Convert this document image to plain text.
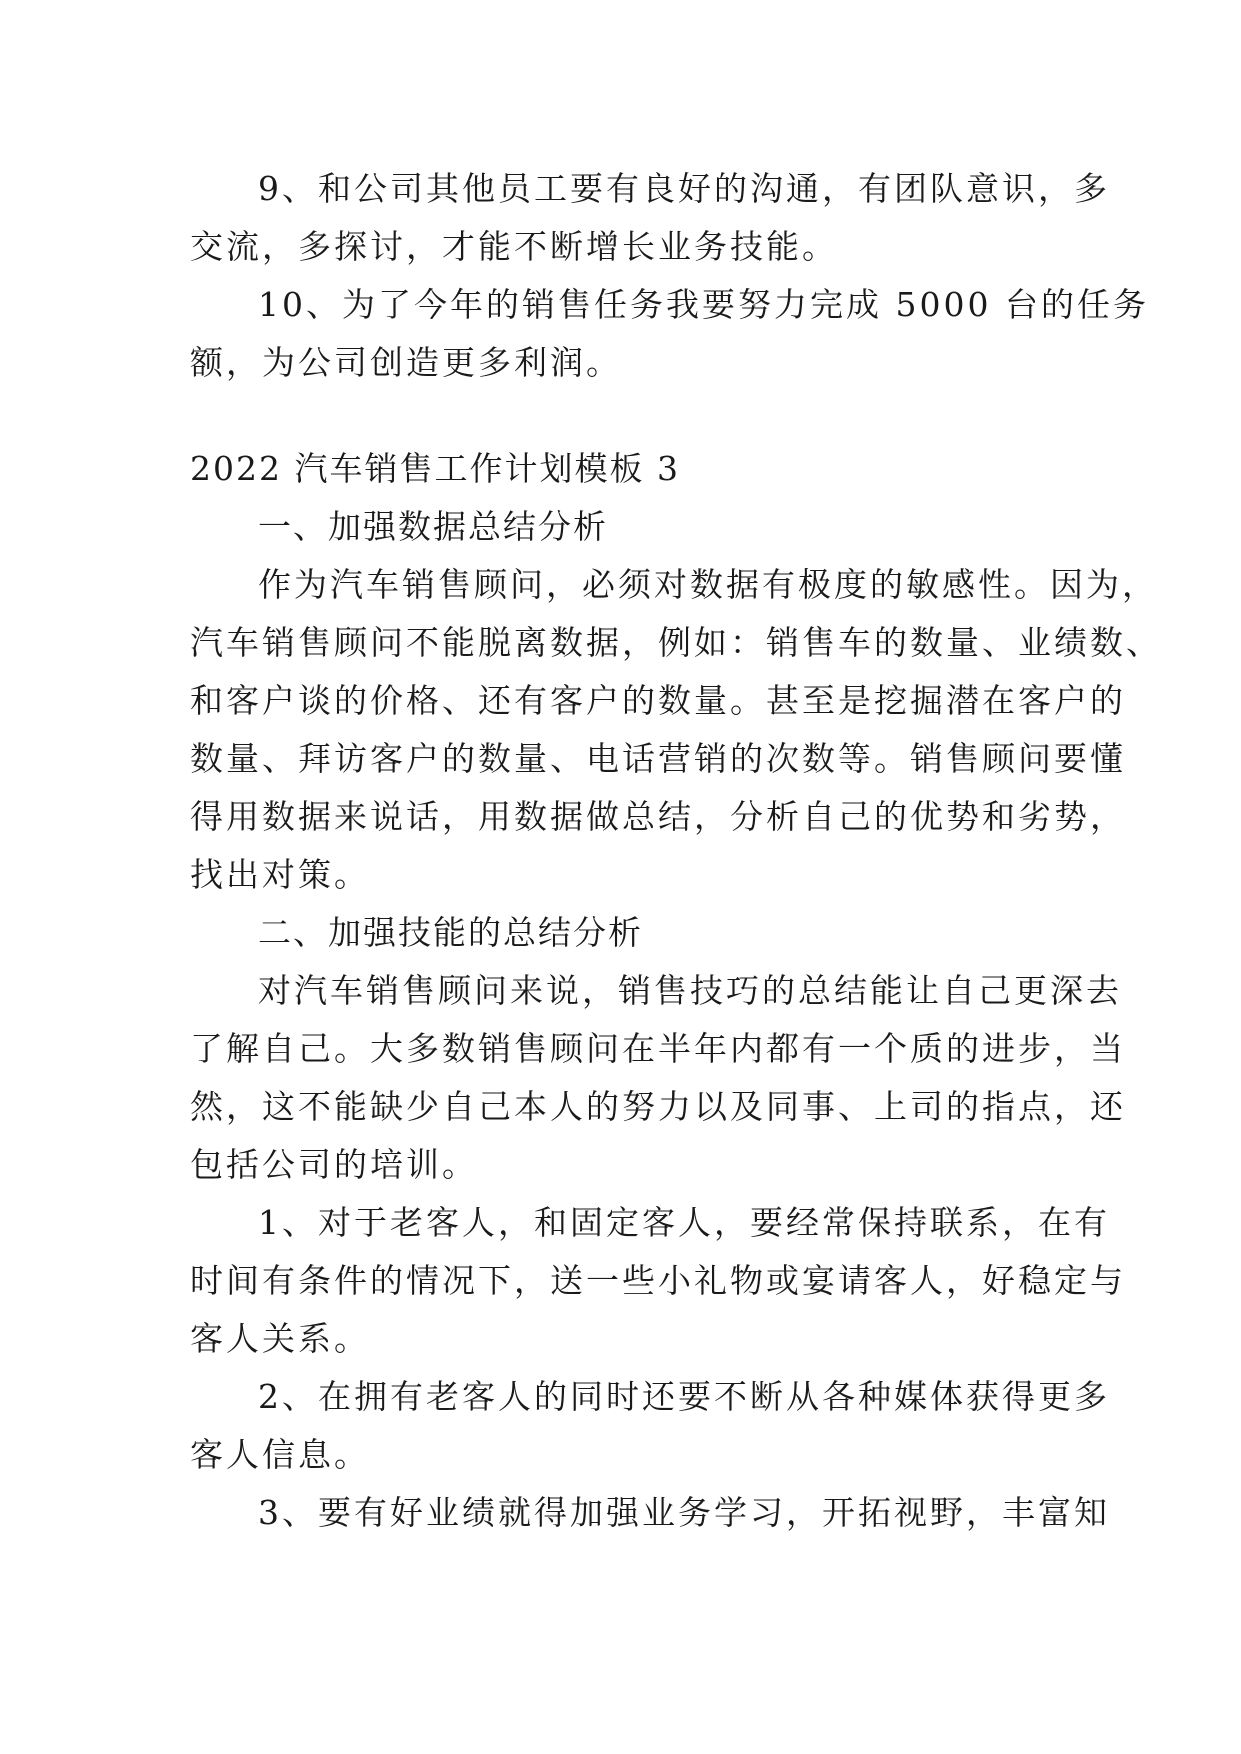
9、和公司其他员工要有良好的沟通，有团队意识，多
交流，多探讨，才能不断增长业务技能。
10、为了今年的销售任务我要努力完成 5000 台的任务
额，为公司创造更多利润。
2022 汽车销售工作计划模板 3
一、加强数据总结分析
作为汽车销售顾问，必须对数据有极度的敏感性。因为，
汽车销售顾问不能脱离数据，例如：销售车的数量、业绩数、
和客户谈的价格、还有客户的数量。甚至是挖掘潜在客户的
数量、拜访客户的数量、电话营销的次数等。销售顾问要懂
得用数据来说话，用数据做总结，分析自己的优势和劣势，
找出对策。
二、加强技能的总结分析
对汽车销售顾问来说，销售技巧的总结能让自己更深去
了解自己。大多数销售顾问在半年内都有一个质的进步，当
然，这不能缺少自己本人的努力以及同事、上司的指点，还
包括公司的培训。
1、对于老客人，和固定客人，要经常保持联系，在有
时间有条件的情况下，送一些小礼物或宴请客人，好稳定与
客人关系。
2、在拥有老客人的同时还要不断从各种媒体获得更多
客人信息。
3、要有好业绩就得加强业务学习，开拓视野，丰富知
